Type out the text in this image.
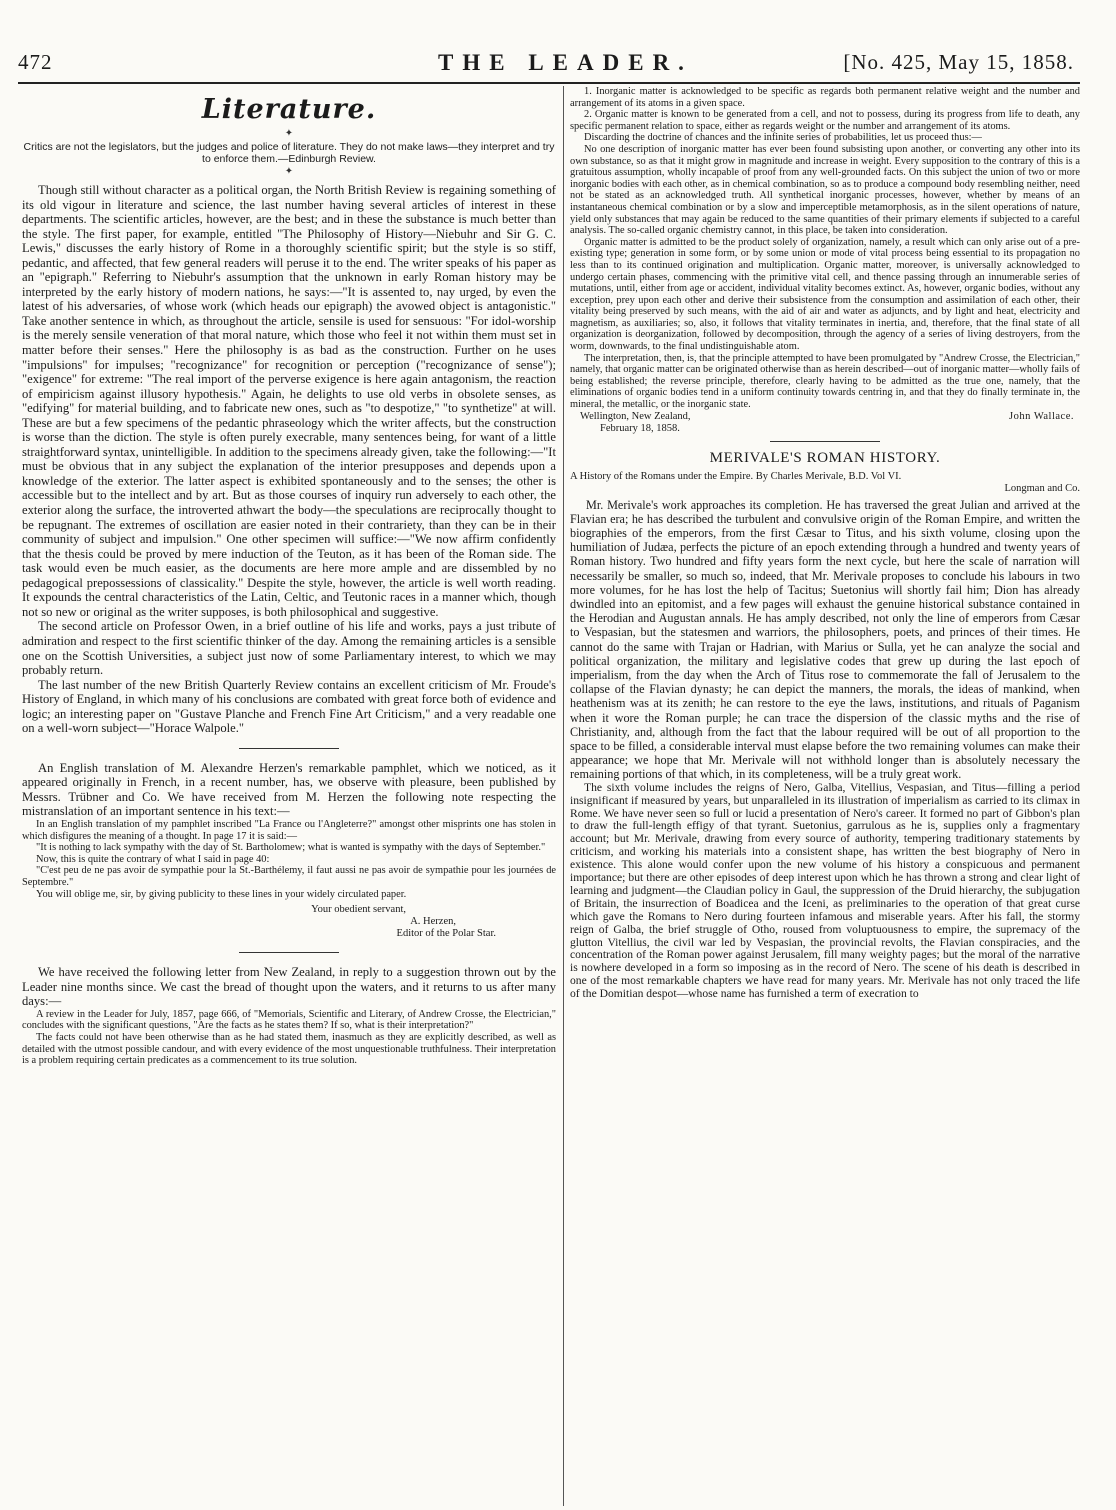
472	THE LEADER.	[No. 425, May 15, 1858.
Literature.
✦
Critics are not the legislators, but the judges and police of literature. They do not make laws—they interpret and try to enforce them.—Edinburgh Review.
✦

Though still without character as a political organ, the North British Review is regaining something of its old vigour in literature and science, the last number having several articles of interest in these departments. The scientific articles, however, are the best; and in these the substance is much better than the style. The first paper, for example, entitled "The Philosophy of History—Niebuhr and Sir G. C. Lewis," discusses the early history of Rome in a thoroughly scientific spirit; but the style is so stiff, pedantic, and affected, that few general readers will peruse it to the end. The writer speaks of his paper as an "epigraph." Referring to Niebuhr's assumption that the unknown in early Roman history may be interpreted by the early history of modern nations, he says:—"It is assented to, nay urged, by even the latest of his adversaries, of whose work (which heads our epigraph) the avowed object is antagonistic." Take another sentence in which, as throughout the article, sensile is used for sensuous: "For idol-worship is the merely sensile veneration of that moral nature, which those who feel it not within them must set in matter before their senses." Here the philosophy is as bad as the construction. Further on he uses "impulsions" for impulses; "recognizance" for recognition or perception ("recognizance of sense"); "exigence" for extreme: "The real import of the perverse exigence is here again antagonism, the reaction of empiricism against illusory hypothesis." Again, he delights to use old verbs in obsolete senses, as "edifying" for material building, and to fabricate new ones, such as "to despotize," "to synthetize" at will. These are but a few specimens of the pedantic phraseology which the writer affects, but the construction is worse than the diction. The style is often purely execrable, many sentences being, for want of a little straightforward syntax, unintelligible. In addition to the specimens already given, take the following:—"It must be obvious that in any subject the explanation of the interior presupposes and depends upon a knowledge of the exterior. The latter aspect is exhibited spontaneously and to the senses; the other is accessible but to the intellect and by art. But as those courses of inquiry run adversely to each other, the exterior along the surface, the introverted athwart the body—the speculations are reciprocally thought to be repugnant. The extremes of oscillation are easier noted in their contrariety, than they can be in their community of subject and impulsion." One other specimen will suffice:—"We now affirm confidently that the thesis could be proved by mere induction of the Teuton, as it has been of the Roman side. The task would even be much easier, as the documents are here more ample and are dissembled by no pedagogical prepossessions of classicality." Despite the style, however, the article is well worth reading. It expounds the central characteristics of the Latin, Celtic, and Teutonic races in a manner which, though not so new or original as the writer supposes, is both philosophical and suggestive.

The second article on Professor Owen, in a brief outline of his life and works, pays a just tribute of admiration and respect to the first scientific thinker of the day. Among the remaining articles is a sensible one on the Scottish Universities, a subject just now of some Parliamentary interest, to which we may probably return.

The last number of the new British Quarterly Review contains an excellent criticism of Mr. Froude's History of England, in which many of his conclusions are combated with great force both of evidence and logic; an interesting paper on "Gustave Planche and French Fine Art Criticism," and a very readable one on a well-worn subject—"Horace Walpole."

An English translation of M. Alexandre Herzen's remarkable pamphlet, which we noticed, as it appeared originally in French, in a recent number, has, we observe with pleasure, been published by Messrs. Trübner and Co. We have received from M. Herzen the following note respecting the mistranslation of an important sentence in his text:—

In an English translation of my pamphlet inscribed "La France ou l'Angleterre?" amongst other misprints one has stolen in which disfigures the meaning of a thought. In page 17 it is said:—

"It is nothing to lack sympathy with the day of St. Bartholomew; what is wanted is sympathy with the days of September."

Now, this is quite the contrary of what I said in page 40:

"C'est peu de ne pas avoir de sympathie pour la St.-Barthélemy, il faut aussi ne pas avoir de sympathie pour les journées de Septembre."

You will oblige me, sir, by giving publicity to these lines in your widely circulated paper.

Your obedient servant,
A. Herzen,
Editor of the Polar Star.

We have received the following letter from New Zealand, in reply to a suggestion thrown out by the Leader nine months since. We cast the bread of thought upon the waters, and it returns to us after many days:—

A review in the Leader for July, 1857, page 666, of "Memorials, Scientific and Literary, of Andrew Crosse, the Electrician," concludes with the significant questions, "Are the facts as he states them? If so, what is their interpretation?"

The facts could not have been otherwise than as he had stated them, inasmuch as they are explicitly described, as well as detailed with the utmost possible candour, and with every evidence of the most unquestionable truthfulness. Their interpretation is a problem requiring certain predicates as a commencement to its true solution.

1. Inorganic matter is acknowledged to be specific as regards both permanent relative weight and the number and arrangement of its atoms in a given space.

2. Organic matter is known to be generated from a cell, and not to possess, during its progress from life to death, any specific permanent relation to space, either as regards weight or the number and arrangement of its atoms.

Discarding the doctrine of chances and the infinite series of probabilities, let us proceed thus:—

No one description of inorganic matter has ever been found subsisting upon another, or converting any other into its own substance, so as that it might grow in magnitude and increase in weight. Every supposition to the contrary of this is a gratuitous assumption, wholly incapable of proof from any well-grounded facts. On this subject the union of two or more inorganic bodies with each other, as in chemical combination, so as to produce a compound body resembling neither, need not be stated as an acknowledged truth. All synthetical inorganic processes, however, whether by means of an instantaneous chemical combination or by a slow and imperceptible metamorphosis, as in the silent operations of nature, yield only substances that may again be reduced to the same quantities of their primary elements if subjected to a careful analysis. The so-called organic chemistry cannot, in this place, be taken into consideration.

Organic matter is admitted to be the product solely of organization, namely, a result which can only arise out of a pre-existing type; generation in some form, or by some union or mode of vital process being essential to its propagation no less than to its continued origination and multiplication. Organic matter, moreover, is universally acknowledged to undergo certain phases, commencing with the primitive vital cell, and thence passing through an innumerable series of mutations, until, either from age or accident, individual vitality becomes extinct. As, however, organic bodies, without any exception, prey upon each other and derive their subsistence from the consumption and assimilation of each other, their vitality being preserved by such means, with the aid of air and water as adjuncts, and by light and heat, electricity and magnetism, as auxiliaries; so, also, it follows that vitality terminates in inertia, and, therefore, that the final state of all organization is deorganization, followed by decomposition, through the agency of a series of living destroyers, from the worm, downwards, to the final undistinguishable atom.

The interpretation, then, is, that the principle attempted to have been promulgated by "Andrew Crosse, the Electrician," namely, that organic matter can be originated otherwise than as herein described—out of inorganic matter—wholly fails of being established; the reverse principle, therefore, clearly having to be admitted as the true one, namely, that the eliminations of organic bodies tend in a uniform continuity towards centring in, and that they do finally terminate in, the mineral, the metallic, or the inorganic state.

Wellington, New Zealand,	John Wallace.
February 18, 1858.
MERIVALE'S ROMAN HISTORY.
A History of the Romans under the Empire. By Charles Merivale, B.D. Vol VI.
Longman and Co.

Mr. Merivale's work approaches its completion. He has traversed the great Julian and arrived at the Flavian era; he has described the turbulent and convulsive origin of the Roman Empire, and written the biographies of the emperors, from the first Cæsar to Titus, and his sixth volume, closing upon the humiliation of Judæa, perfects the picture of an epoch extending through a hundred and twenty years of Roman history. Two hundred and fifty years form the next cycle, but here the scale of narration will necessarily be smaller, so much so, indeed, that Mr. Merivale proposes to conclude his labours in two more volumes, for he has lost the help of Tacitus; Suetonius will shortly fail him; Dion has already dwindled into an epitomist, and a few pages will exhaust the genuine historical substance contained in the Herodian and Augustan annals. He has amply described, not only the line of emperors from Cæsar to Vespasian, but the statesmen and warriors, the philosophers, poets, and princes of their times. He cannot do the same with Trajan or Hadrian, with Marius or Sulla, yet he can analyze the social and political organization, the military and legislative codes that grew up during the last epoch of imperialism, from the day when the Arch of Titus rose to commemorate the fall of Jerusalem to the collapse of the Flavian dynasty; he can depict the manners, the morals, the ideas of mankind, when heathenism was at its zenith; he can restore to the eye the laws, institutions, and rituals of Paganism when it wore the Roman purple; he can trace the dispersion of the classic myths and the rise of Christianity, and, although from the fact that the labour required will be out of all proportion to the space to be filled, a considerable interval must elapse before the two remaining volumes can make their appearance; we hope that Mr. Merivale will not withhold longer than is absolutely necessary the remaining portions of that which, in its completeness, will be a truly great work.

The sixth volume includes the reigns of Nero, Galba, Vitellius, Vespasian, and Titus—filling a period insignificant if measured by years, but unparalleled in its illustration of imperialism as carried to its climax in Rome. We have never seen so full or lucid a presentation of Nero's career. It formed no part of Gibbon's plan to draw the full-length effigy of that tyrant. Suetonius, garrulous as he is, supplies only a fragmentary account; but Mr. Merivale, drawing from every source of authority, tempering traditionary statements by criticism, and working his materials into a consistent shape, has written the best biography of Nero in existence. This alone would confer upon the new volume of his history a conspicuous and permanent importance; but there are other episodes of deep interest upon which he has thrown a strong and clear light of learning and judgment—the Claudian policy in Gaul, the suppression of the Druid hierarchy, the subjugation of Britain, the insurrection of Boadicea and the Iceni, as preliminaries to the operation of that great curse which gave the Romans to Nero during fourteen infamous and miserable years. After his fall, the stormy reign of Galba, the brief struggle of Otho, roused from voluptuousness to empire, the supremacy of the glutton Vitellius, the civil war led by Vespasian, the provincial revolts, the Flavian conspiracies, and the concentration of the Roman power against Jerusalem, fill many weighty pages; but the moral of the narrative is nowhere developed in a form so imposing as in the record of Nero. The scene of his death is described in one of the most remarkable chapters we have read for many years. Mr. Merivale has not only traced the life of the Domitian despot—whose name has furnished a term of execration to
